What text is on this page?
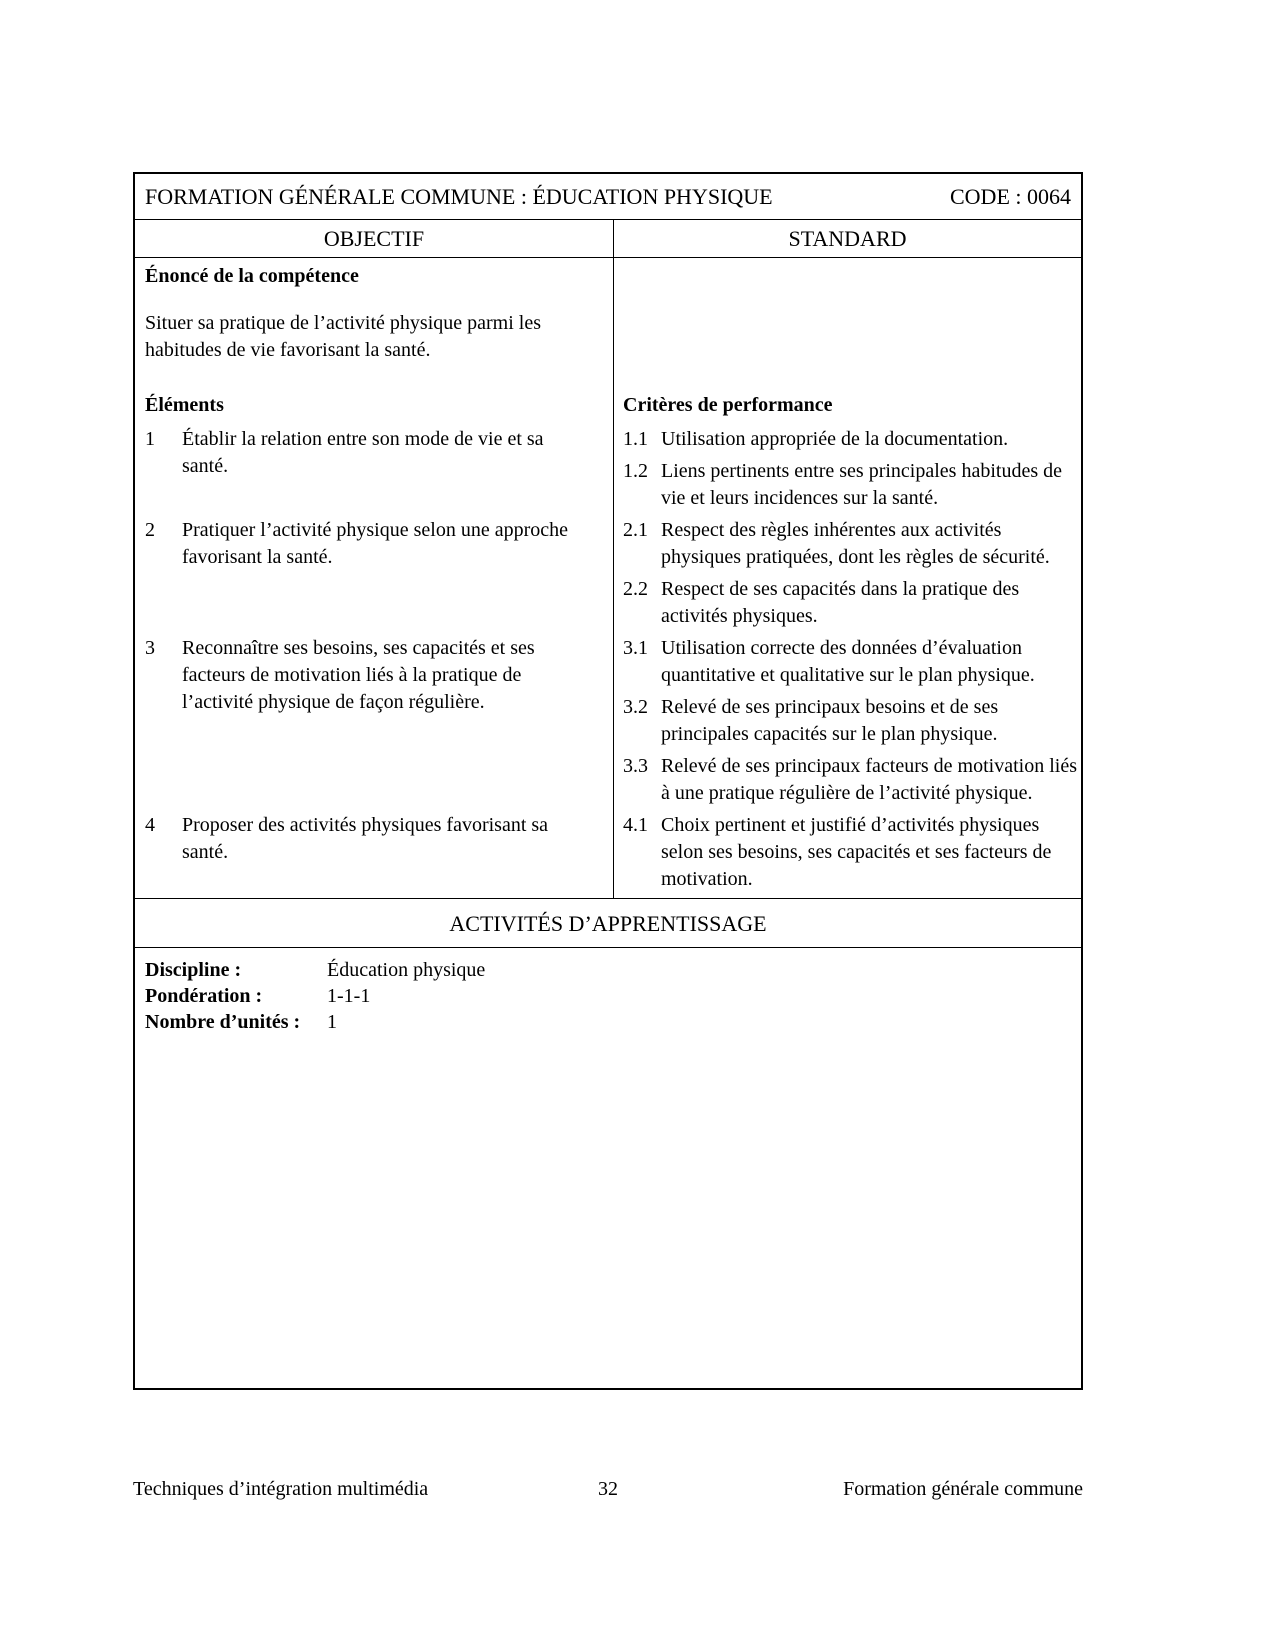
FORMATION GÉNÉRALE COMMUNE : ÉDUCATION PHYSIQUE	CODE : 0064
OBJECTIF	STANDARD
Énoncé de la compétence
Situer sa pratique de l’activité physique parmi les habitudes de vie favorisant la santé.
Éléments	Critères de performance
1	Établir la relation entre son mode de vie et sa santé.
1.1 Utilisation appropriée de la documentation.
1.2 Liens pertinents entre ses principales habitudes de vie et leurs incidences sur la santé.
2	Pratiquer l’activité physique selon une approche favorisant la santé.
2.1 Respect des règles inhérentes aux activités physiques pratiquées, dont les règles de sécurité.
2.2 Respect de ses capacités dans la pratique des activités physiques.
3	Reconnaître ses besoins, ses capacités et ses facteurs de motivation liés à la pratique de l’activité physique de façon régulière.
3.1 Utilisation correcte des données d’évaluation quantitative et qualitative sur le plan physique.
3.2 Relevé de ses principaux besoins et de ses principales capacités sur le plan physique.
3.3 Relevé de ses principaux facteurs de motivation liés à une pratique régulière de l’activité physique.
4	Proposer des activités physiques favorisant sa santé.
4.1 Choix pertinent et justifié d’activités physiques selon ses besoins, ses capacités et ses facteurs de motivation.
ACTIVITÉS D’APPRENTISSAGE
Discipline :	Éducation physique
Pondération :	1-1-1
Nombre d’unités :	1
Techniques d’intégration multimédia	32	Formation générale commune
